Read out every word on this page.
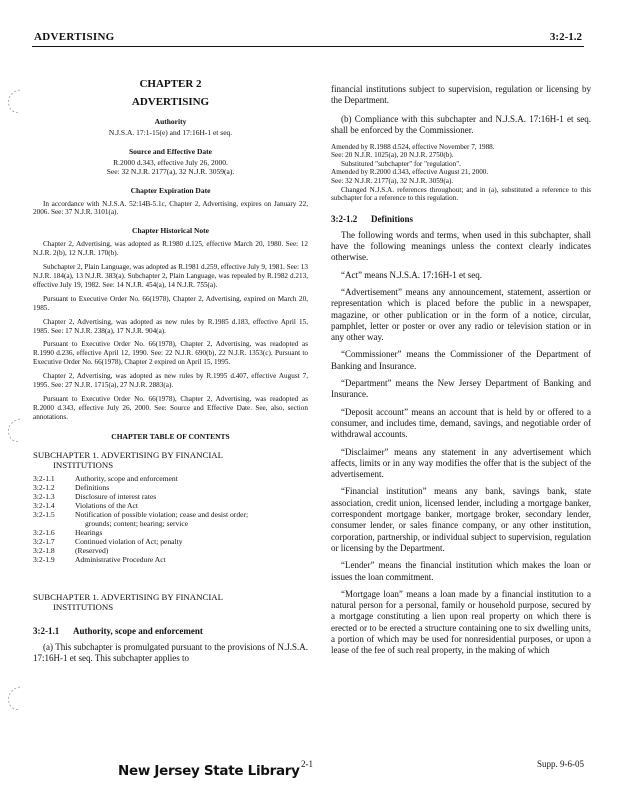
ADVERTISING	3:2-1.2
CHAPTER 2
ADVERTISING
Authority
N.J.S.A. 17:1-15(e) and 17:16H-1 et seq.
Source and Effective Date
R.2000 d.343, effective July 26, 2000.
See: 32 N.J.R. 2177(a), 32 N.J.R. 3059(a).
Chapter Expiration Date
In accordance with N.J.S.A. 52:14B-5.1c, Chapter 2, Advertising, expires on January 22, 2006. See: 37 N.J.R. 3101(a).
Chapter Historical Note
Chapter 2, Advertising, was adopted as R.1980 d.125, effective March 20, 1980. See: 12 N.J.R. 2(b), 12 N.J.R. 170(b).
Subchapter 2, Plain Language, was adopted as R.1981 d.259, effective July 9, 1981. See: 13 N.J.R. 184(a), 13 N.J.R. 383(a). Subchapter 2, Plain Language, was repealed by R.1982 d.213, effective July 19, 1982. See: 14 N.J.R. 454(a), 14 N.J.R. 755(a).
Pursuant to Executive Order No. 66(1978), Chapter 2, Advertising, expired on March 20, 1985.
Chapter 2, Advertising, was adopted as new rules by R.1985 d.183, effective April 15, 1985. See: 17 N.J.R. 238(a), 17 N.J.R. 904(a).
Pursuant to Executive Order No. 66(1978), Chapter 2, Advertising, was readopted as R.1990 d.236, effective April 12, 1990. See: 22 N.J.R. 690(b), 22 N.J.R. 1353(c). Pursuant to Executive Order No. 66(1978), Chapter 2 expired on April 15, 1995.
Chapter 2, Advertising, was adopted as new rules by R.1995 d.407, effective August 7, 1995. See: 27 N.J.R. 1715(a), 27 N.J.R. 2883(a).
Pursuant to Executive Order No. 66(1978), Chapter 2, Advertising, was readopted as R.2000 d.343, effective July 26, 2000. See: Source and Effective Date. See, also, section annotations.
CHAPTER TABLE OF CONTENTS
SUBCHAPTER 1. ADVERTISING BY FINANCIAL
INSTITUTIONS
3:2-1.1	Authority, scope and enforcement
3:2-1.2	Definitions
3:2-1.3	Disclosure of interest rates
3:2-1.4	Violations of the Act
3:2-1.5	Notification of possible violation; cease and desist order;
grounds; content; hearing; service
3:2-1.6	Hearings
3:2-1.7	Continued violation of Act; penalty
3:2-1.8	(Reserved)
3:2-1.9	Administrative Procedure Act
SUBCHAPTER 1. ADVERTISING BY FINANCIAL
INSTITUTIONS
3:2-1.1 Authority, scope and enforcement
(a) This subchapter is promulgated pursuant to the provisions of N.J.S.A. 17:16H-1 et seq. This subchapter applies to
financial institutions subject to supervision, regulation or licensing by the Department.
(b) Compliance with this subchapter and N.J.S.A. 17:16H-1 et seq. shall be enforced by the Commissioner.
Amended by R.1988 d.524, effective November 7, 1988.
See: 20 N.J.R. 1025(a), 20 N.J.R. 2750(b).
Substituted "subchapter" for "regulation".
Amended by R.2000 d.343, effective August 21, 2000.
See: 32 N.J.R. 2177(a), 32 N.J.R. 3059(a).
Changed N.J.S.A. references throughout; and in (a), substituted a reference to this subchapter for a reference to this regulation.
3:2-1.2 Definitions
The following words and terms, when used in this subchapter, shall have the following meanings unless the context clearly indicates otherwise.
“Act” means N.J.S.A. 17:16H-1 et seq.
“Advertisement” means any announcement, statement, assertion or representation which is placed before the public in a newspaper, magazine, or other publication or in the form of a notice, circular, pamphlet, letter or poster or over any radio or television station or in any other way.
“Commissioner” means the Commissioner of the Department of Banking and Insurance.
“Department” means the New Jersey Department of Banking and Insurance.
“Deposit account” means an account that is held by or offered to a consumer, and includes time, demand, savings, and negotiable order of withdrawal accounts.
“Disclaimer” means any statement in any advertisement which affects, limits or in any way modifies the offer that is the subject of the advertisement.
“Financial institution” means any bank, savings bank, state association, credit union, licensed lender, including a mortgage banker, correspondent mortgage banker, mortgage broker, secondary lender, consumer lender, or sales finance company, or any other institution, corporation, partnership, or individual subject to supervision, regulation or licensing by the Department.
“Lender” means the financial institution which makes the loan or issues the loan commitment.
“Mortgage loan” means a loan made by a financial institution to a natural person for a personal, family or household purpose, secured by a mortgage constituting a lien upon real property on which there is erected or to be erected a structure containing one to six dwelling units, a portion of which may be used for nonresidential purposes, or upon a lease of the fee of such real property, in the making of which
New Jersey State Library 2-1	Supp. 9-6-05
